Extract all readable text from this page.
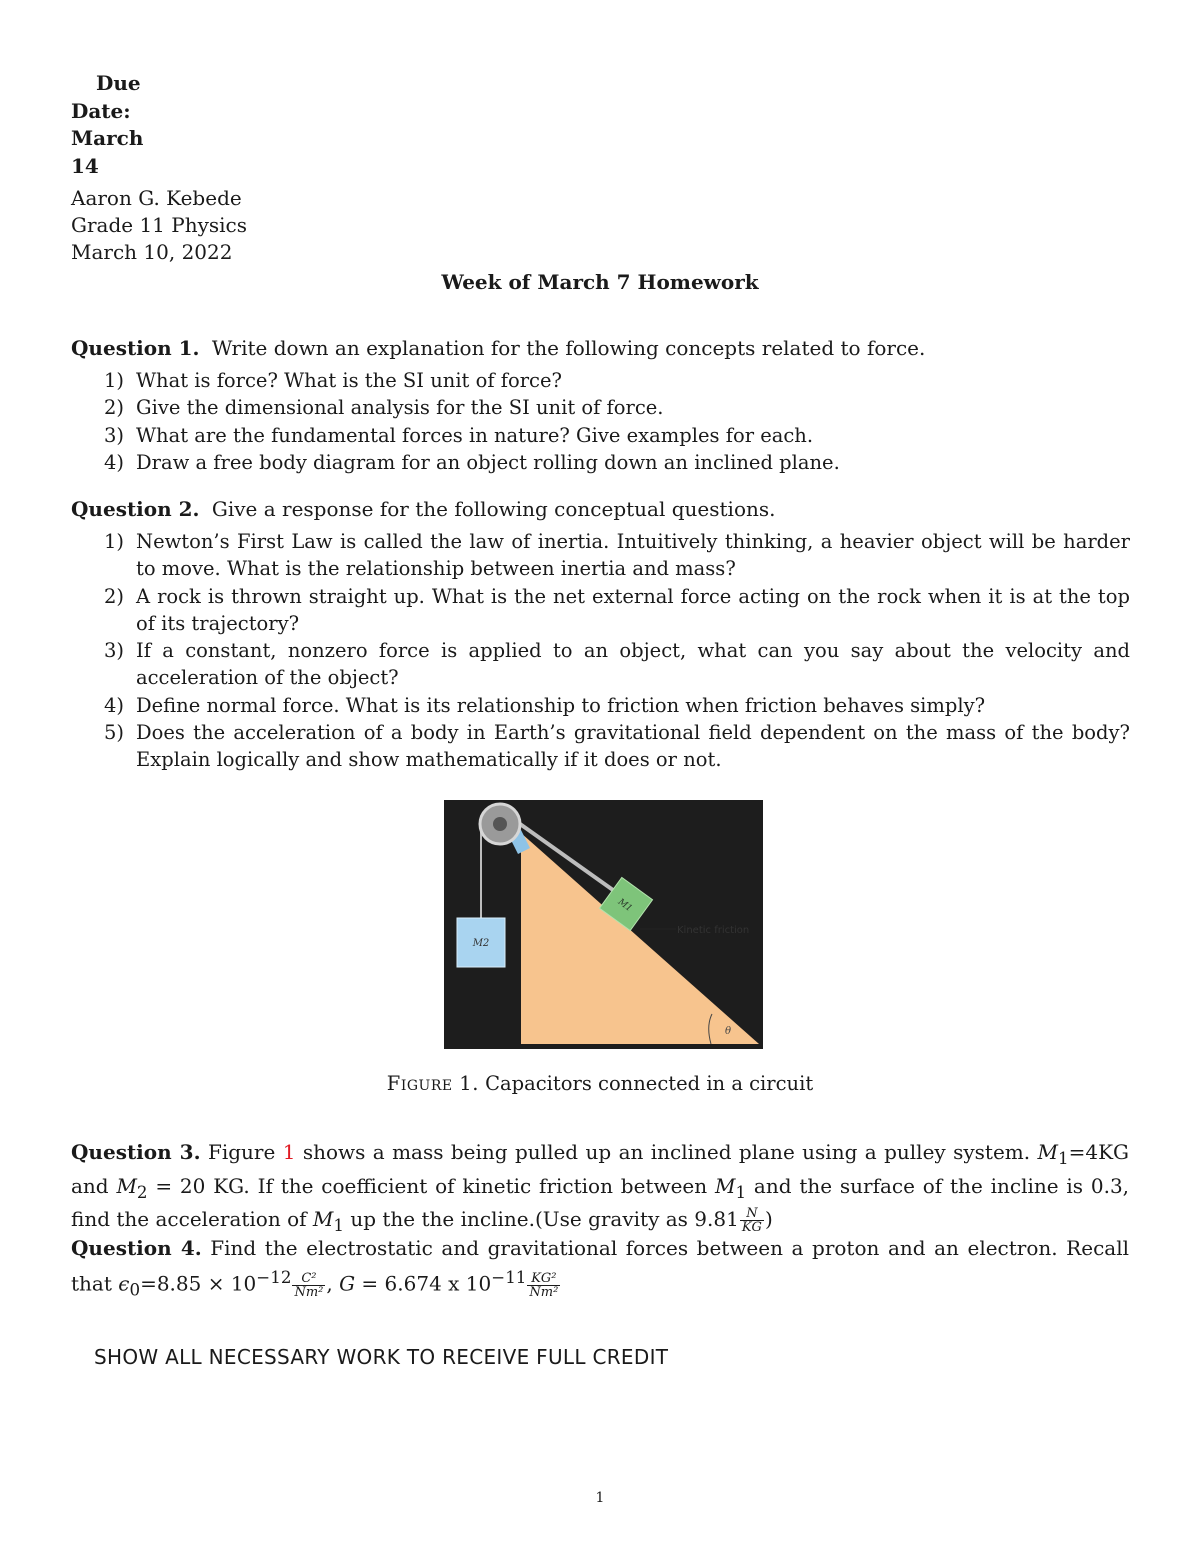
Due
Date:
March
14
Aaron G. Kebede
Grade 11 Physics
March 10, 2022
Week of March 7 Homework
Question 1. Write down an explanation for the following concepts related to force.
1) What is force? What is the SI unit of force?
2) Give the dimensional analysis for the SI unit of force.
3) What are the fundamental forces in nature? Give examples for each.
4) Draw a free body diagram for an object rolling down an inclined plane.
Question 2. Give a response for the following conceptual questions.
1) Newton’s First Law is called the law of inertia. Intuitively thinking, a heavier object will be harder to move. What is the relationship between inertia and mass?
2) A rock is thrown straight up. What is the net external force acting on the rock when it is at the top of its trajectory?
3) If a constant, nonzero force is applied to an object, what can you say about the velocity and acceleration of the object?
4) Define normal force. What is its relationship to friction when friction behaves simply?
5) Does the acceleration of a body in Earth’s gravitational field dependent on the mass of the body? Explain logically and show mathematically if it does or not.
M2
M1
Kinetic friction
θ
Figure 1. Capacitors connected in a circuit
Question 3. Figure 1 shows a mass being pulled up an inclined plane using a pulley system. $M_1=4KG$ and $M_2 = 20$ KG. If the coefficient of kinetic friction between $M_1$ and the surface of the incline is 0.3, find the acceleration of $M_1$ up the the incline.(Use gravity as $9.81 \frac{N}{KG}$ )
Question 4. Find the electrostatic and gravitational forces between a proton and an electron. Recall that $\epsilon_0=8.85 \times 10^{-12} \frac{\text{C²}}{\text{Nm²}}$ , G = 6.674 x $10^{-11} \frac{\text{KG²}}{\text{Nm²}}$
SHOW ALL NECESSARY WORK TO RECEIVE FULL CREDIT
1
